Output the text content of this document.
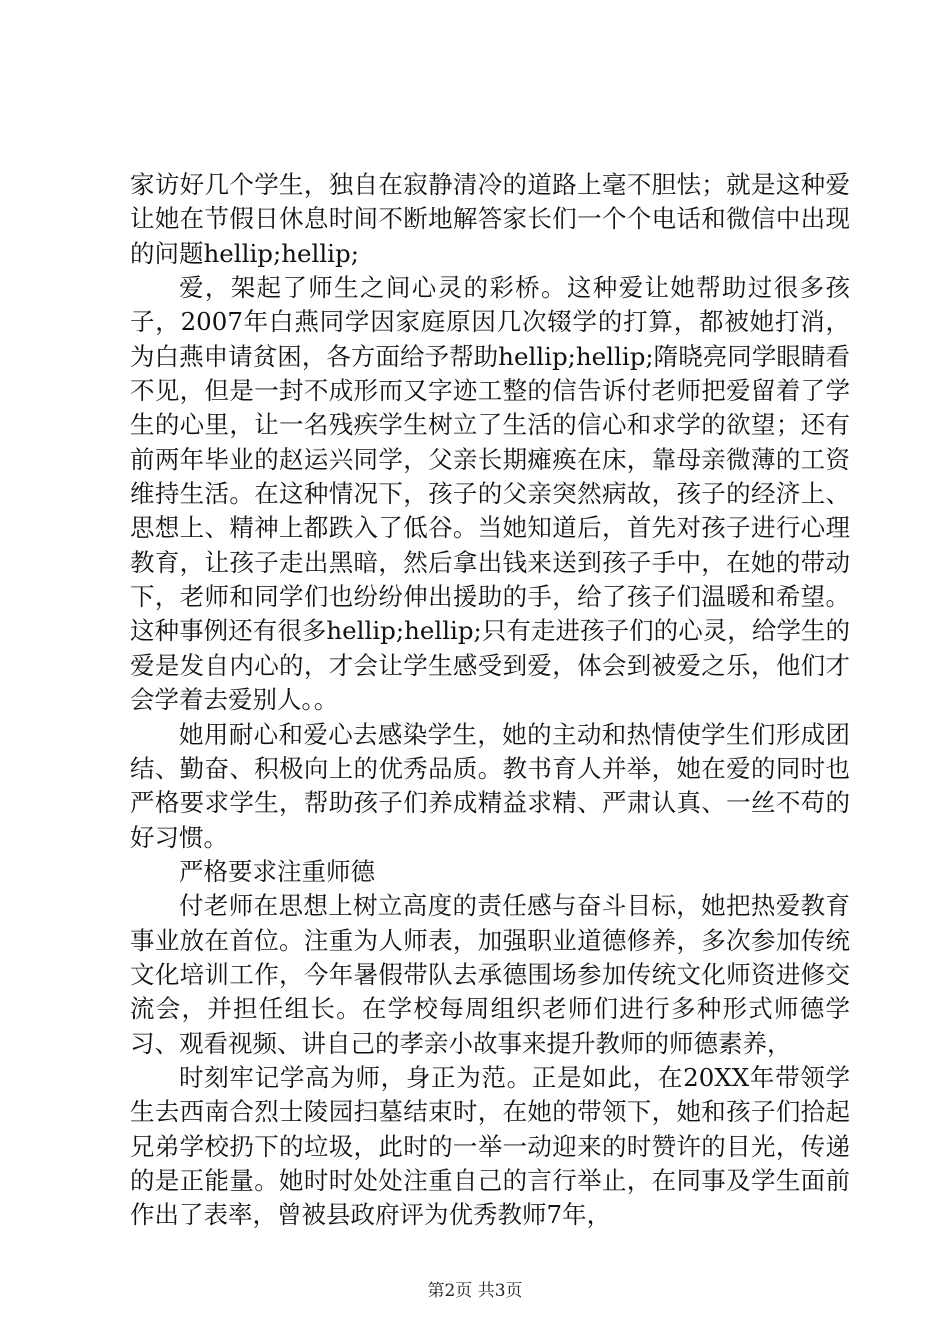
家访好几个学生，独自在寂静清冷的道路上毫不胆怯；就是这种爱让她在节假日休息时间不断地解答家长们一个个电话和微信中出现的问题hellip;hellip;

爱，架起了师生之间心灵的彩桥。这种爱让她帮助过很多孩子，2007年白燕同学因家庭原因几次辍学的打算，都被她打消，为白燕申请贫困，各方面给予帮助hellip;hellip;隋晓亮同学眼睛看不见，但是一封不成形而又字迹工整的信告诉付老师把爱留着了学生的心里，让一名残疾学生树立了生活的信心和求学的欲望；还有前两年毕业的赵运兴同学，父亲长期瘫痪在床，靠母亲微薄的工资维持生活。在这种情况下，孩子的父亲突然病故，孩子的经济上、思想上、精神上都跌入了低谷。当她知道后，首先对孩子进行心理教育，让孩子走出黑暗，然后拿出钱来送到孩子手中，在她的带动下，老师和同学们也纷纷伸出援助的手，给了孩子们温暖和希望。这种事例还有很多hellip;hellip;只有走进孩子们的心灵，给学生的爱是发自内心的，才会让学生感受到爱，体会到被爱之乐，他们才会学着去爱别人。。

她用耐心和爱心去感染学生，她的主动和热情使学生们形成团结、勤奋、积极向上的优秀品质。教书育人并举，她在爱的同时也严格要求学生，帮助孩子们养成精益求精、严肃认真、一丝不苟的好习惯。

严格要求注重师德

付老师在思想上树立高度的责任感与奋斗目标，她把热爱教育事业放在首位。注重为人师表，加强职业道德修养，多次参加传统文化培训工作，今年暑假带队去承德围场参加传统文化师资进修交流会，并担任组长。在学校每周组织老师们进行多种形式师德学习、观看视频、讲自己的孝亲小故事来提升教师的师德素养，

时刻牢记学高为师，身正为范。正是如此，在20XX年带领学生去西南合烈士陵园扫墓结束时，在她的带领下，她和孩子们拾起兄弟学校扔下的垃圾，此时的一举一动迎来的时赞许的目光，传递的是正能量。她时时处处注重自己的言行举止，在同事及学生面前作出了表率，曾被县政府评为优秀教师7年，

第2页 共3页
